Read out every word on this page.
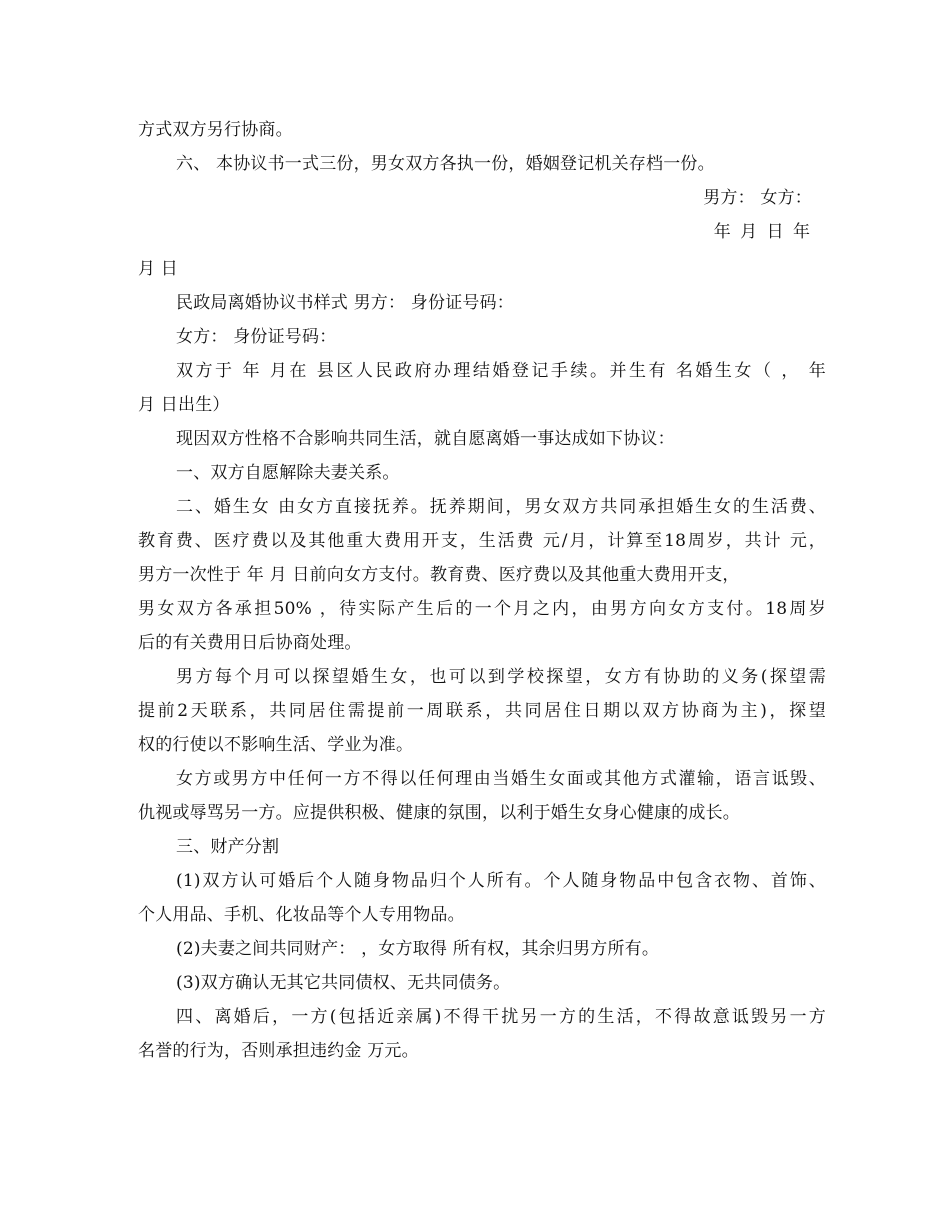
方式双方另行协商。
六、 本协议书一式三份，男女双方各执一份，婚姻登记机关存档一份。
男方： 女方：
年 月 日 年
月 日
民政局离婚协议书样式 男方： 身份证号码：
女方： 身份证号码：
双方于 年 月在 县区人民政府办理结婚登记手续。并生有 名婚生女（ ， 年
月 日出生）
现因双方性格不合影响共同生活，就自愿离婚一事达成如下协议：
一、双方自愿解除夫妻关系。
二、婚生女 由女方直接抚养。抚养期间，男女双方共同承担婚生女的生活费、
教育费、医疗费以及其他重大费用开支，生活费 元/月，计算至18周岁，共计 元，
男方一次性于 年 月 日前向女方支付。教育费、医疗费以及其他重大费用开支，
男女双方各承担50% ，待实际产生后的一个月之内，由男方向女方支付。18周岁
后的有关费用日后协商处理。
男方每个月可以探望婚生女，也可以到学校探望，女方有协助的义务(探望需
提前2天联系，共同居住需提前一周联系，共同居住日期以双方协商为主)，探望
权的行使以不影响生活、学业为准。
女方或男方中任何一方不得以任何理由当婚生女面或其他方式灌输，语言诋毁、
仇视或辱骂另一方。应提供积极、健康的氛围，以利于婚生女身心健康的成长。
三、财产分割
(1)双方认可婚后个人随身物品归个人所有。个人随身物品中包含衣物、首饰、
个人用品、手机、化妆品等个人专用物品。
(2)夫妻之间共同财产： ，女方取得 所有权，其余归男方所有。
(3)双方确认无其它共同债权、无共同债务。
四、离婚后，一方(包括近亲属)不得干扰另一方的生活，不得故意诋毁另一方
名誉的行为，否则承担违约金 万元。
